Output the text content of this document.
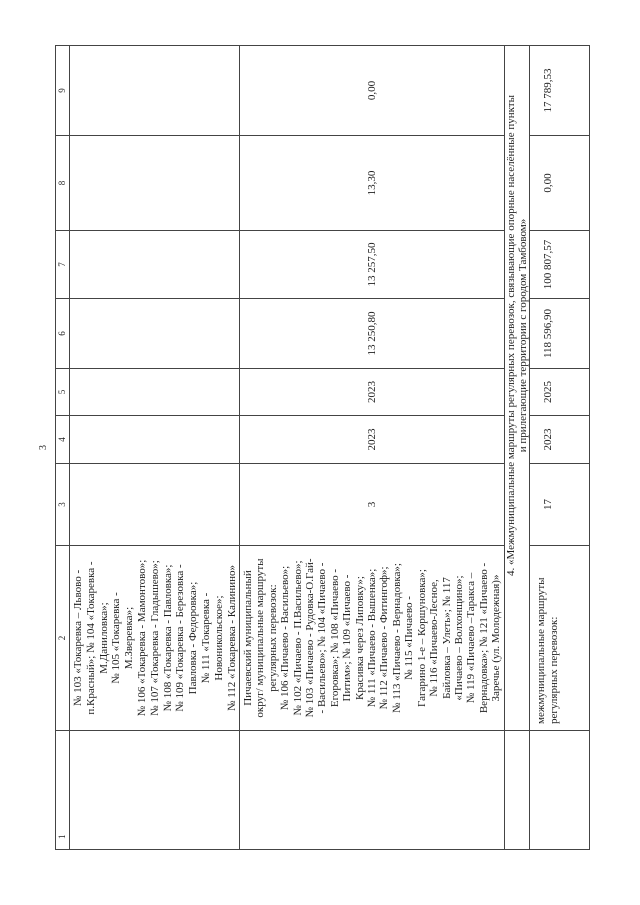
3
1
2
3
4
5
6
7
8
9
№ 103 «Токаревка – Львово - п.Красный»; № 104 «Токаревка - М.Даниловка»; № 105 «Токаревка - М.Зверевка»; № 106 «Токаревка - Мамонтово»; № 107 «Токаревка - Гладышево»; № 108 «Токаревка - Павловка»; № 109 «Токаревка - Березовка - Павловка - Федоровка»; № 111 «Токаревка - Новоникольское»; № 112 «Токаревка - Калинино» Пичаевский муниципальный округ/ муниципальные маршруты регулярных перевозок: № 106 «Пичаево - Васильево»; № 102 «Пичаево - П.Васильево»; № 103 «Пичаево - Рудовка-О.Гай- - Васильево»; № 104 «Пичаево - Егоровка»; № 108 «Пичаево - Питим»; № 109 «Пичаево - Красивка через Липовку»; № 111 «Пичаево - Вышенка»; № 112 «Пичаево - Фитингоф»; № 113 «Пичаево - Вернадовка»; № 115 «Пичаево - Гагарино 1-е – Коршуновка»; № 116 «Пичаево-Лесное, Байловка – Улеть»; № 117 «Пичаево – Волхонщино»; № 119 «Пичаево –Таракса – Вернадовка»; № 121 «Пичаево - Заречье (ул. Молодежная)»
3
2023
2023
13 250,80
13 257,50
13,30
0,00
4. «Межмуниципальные маршруты регулярных перевозок, связывающие опорные населённые пункты и прилегающие территории с городом Тамбовом»
межмуниципальные маршруты регулярных перевозок:
17
2023
2025
118 596,90
100 807,57
0,00
17 789,53
